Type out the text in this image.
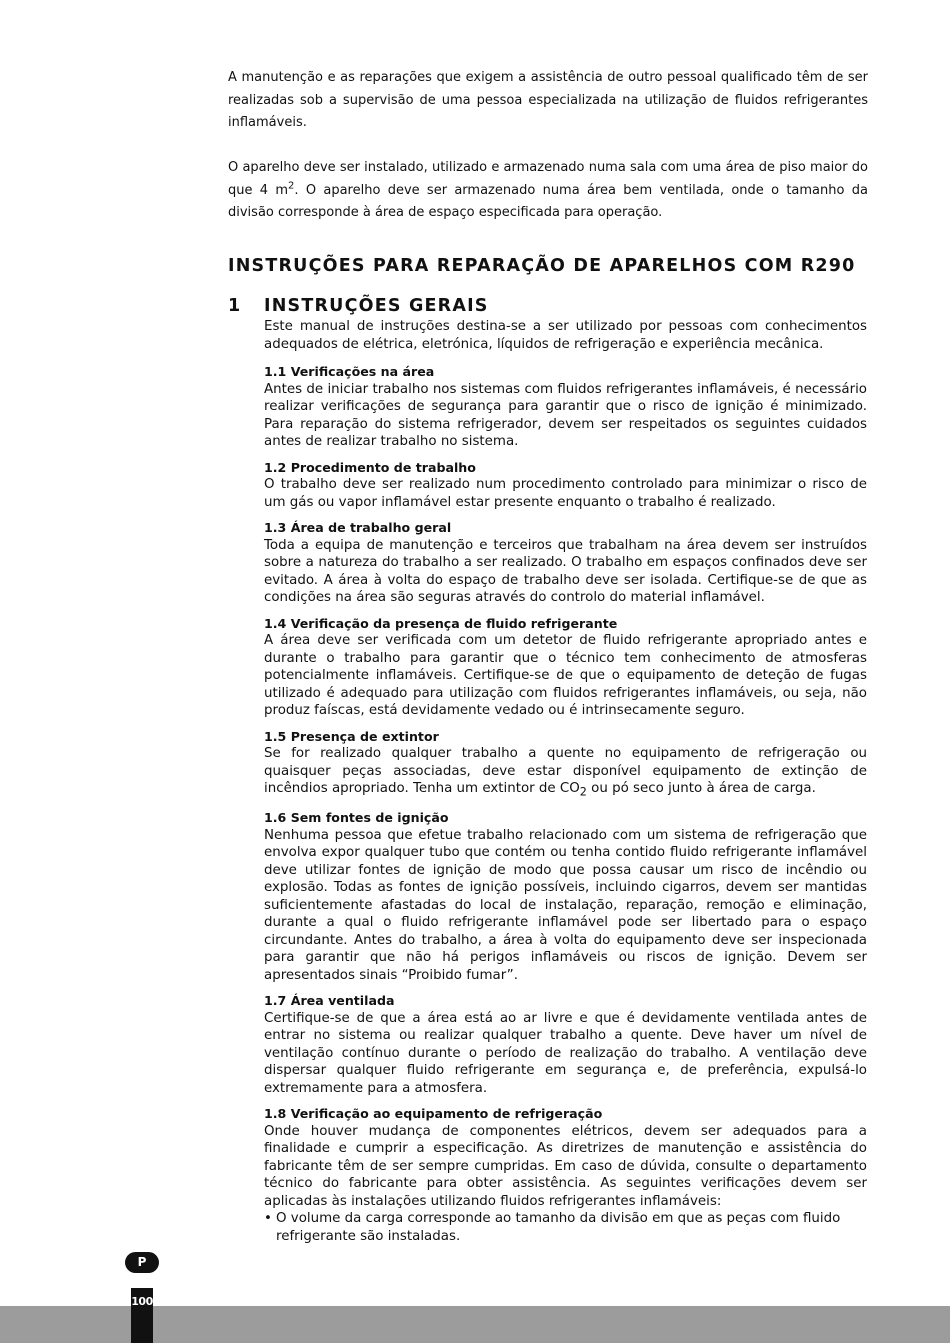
A manutenção e as reparações que exigem a assistência de outro pessoal qualificado têm de ser realizadas sob a supervisão de uma pessoa especializada na utilização de fluidos refrigerantes inflamáveis.

O aparelho deve ser instalado, utilizado e armazenado numa sala com uma área de piso maior do que 4 $m^2$. O aparelho deve ser armazenado numa área bem ventilada, onde o tamanho da divisão corresponde à área de espaço especificada para operação.

INSTRUÇÕES PARA REPARAÇÃO DE APARELHOS COM R290
1 INSTRUÇÕES GERAIS

Este manual de instruções destina-se a ser utilizado por pessoas com conhecimentos adequados de elétrica, eletrónica, líquidos de refrigeração e experiência mecânica.

1.1 Verificações na área

Antes de iniciar trabalho nos sistemas com fluidos refrigerantes inflamáveis, é necessário realizar verificações de segurança para garantir que o risco de ignição é minimizado. Para reparação do sistema refrigerador, devem ser respeitados os seguintes cuidados antes de realizar trabalho no sistema.

1.2 Procedimento de trabalho

O trabalho deve ser realizado num procedimento controlado para minimizar o risco de um gás ou vapor inflamável estar presente enquanto o trabalho é realizado.

1.3 Área de trabalho geral

Toda a equipa de manutenção e terceiros que trabalham na área devem ser instruídos sobre a natureza do trabalho a ser realizado. O trabalho em espaços confinados deve ser evitado. A área à volta do espaço de trabalho deve ser isolada. Certifique-se de que as condições na área são seguras através do controlo do material inflamável.

1.4 Verificação da presença de fluido refrigerante

A área deve ser verificada com um detetor de fluido refrigerante apropriado antes e durante o trabalho para garantir que o técnico tem conhecimento de atmosferas potencialmente inflamáveis. Certifique-se de que o equipamento de deteção de fugas utilizado é adequado para utilização com fluidos refrigerantes inflamáveis, ou seja, não produz faíscas, está devidamente vedado ou é intrinsecamente seguro.

1.5 Presença de extintor

Se for realizado qualquer trabalho a quente no equipamento de refrigeração ou quaisquer peças associadas, deve estar disponível equipamento de extinção de incêndios apropriado. Tenha um extintor de $CO_2$ ou pó seco junto à área de carga.

1.6 Sem fontes de ignição

Nenhuma pessoa que efetue trabalho relacionado com um sistema de refrigeração que envolva expor qualquer tubo que contém ou tenha contido fluido refrigerante inflamável deve utilizar fontes de ignição de modo que possa causar um risco de incêndio ou explosão. Todas as fontes de ignição possíveis, incluindo cigarros, devem ser mantidas suficientemente afastadas do local de instalação, reparação, remoção e eliminação, durante a qual o fluido refrigerante inflamável pode ser libertado para o espaço circundante. Antes do trabalho, a área à volta do equipamento deve ser inspecionada para garantir que não há perigos inflamáveis ou riscos de ignição. Devem ser apresentados sinais “Proibido fumar”.

1.7 Área ventilada

Certifique-se de que a área está ao ar livre e que é devidamente ventilada antes de entrar no sistema ou realizar qualquer trabalho a quente. Deve haver um nível de ventilação contínuo durante o período de realização do trabalho. A ventilação deve dispersar qualquer fluido refrigerante em segurança e, de preferência, expulsá-lo extremamente para a atmosfera.

1.8 Verificação ao equipamento de refrigeração

Onde houver mudança de componentes elétricos, devem ser adequados para a finalidade e cumprir a especificação. As diretrizes de manutenção e assistência do fabricante têm de ser sempre cumpridas. Em caso de dúvida, consulte o departamento técnico do fabricante para obter assistência. As seguintes verificações devem ser aplicadas às instalações utilizando fluidos refrigerantes inflamáveis:

• O volume da carga corresponde ao tamanho da divisão em que as peças com fluido refrigerante são instaladas.
P
100
